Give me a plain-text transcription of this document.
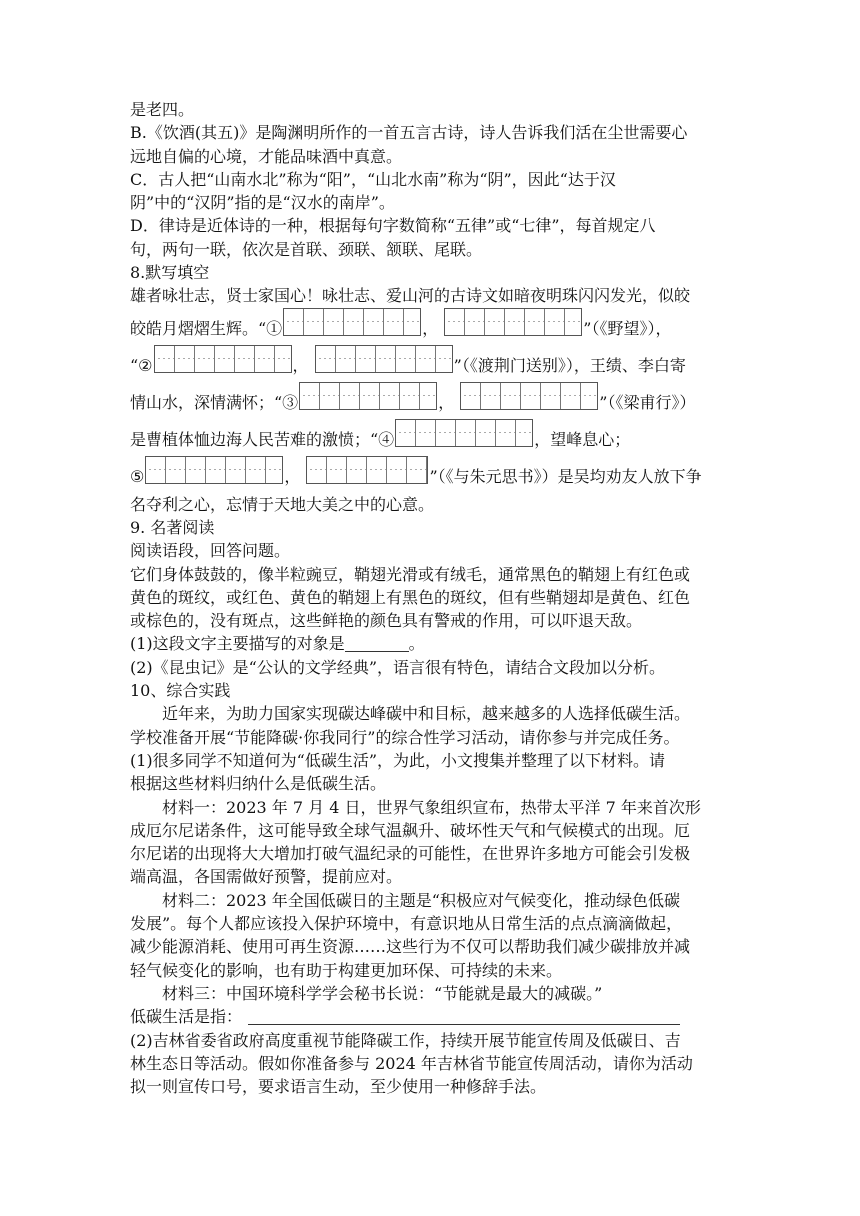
是老四。
B.《饮酒(其五)》是陶渊明所作的一首五言古诗，诗人告诉我们活在尘世需要心
远地自偏的心境，才能品味酒中真意。
C．古人把“山南水北”称为“阳”，“山北水南”称为“阴”，因此“达于汉
阴”中的“汉阴”指的是“汉水的南岸”。
D．律诗是近体诗的一种，根据每句字数简称“五律”或“七律”，每首规定八
句，两句一联，依次是首联、颈联、颔联、尾联。
8.默写填空
雄者咏壮志，贤士家国心！咏壮志、爱山河的古诗文如暗夜明珠闪闪发光，似皎
皎皓月熠熠生辉。“①	，	”（《野望》），
“②	，	”（《渡荆门送别》），王绩、李白寄
情山水，深情满怀；“③	，	”（《梁甫行》）
是曹植体恤边海人民苦难的激愤；“④	，望峰息心；
⑤	，	”（《与朱元思书》）是吴均劝友人放下争
名夺利之心，忘情于天地大美之中的心意。
9. 名著阅读
阅读语段，回答问题。
它们身体鼓鼓的，像半粒豌豆，鞘翅光滑或有绒毛，通常黑色的鞘翅上有红色或
黄色的斑纹，或红色、黄色的鞘翅上有黑色的斑纹，但有些鞘翅却是黄色、红色
或棕色的，没有斑点，这些鲜艳的颜色具有警戒的作用，可以吓退天敌。
(1)这段文字主要描写的对象是	。
(2)《昆虫记》是“公认的文学经典”，语言很有特色，请结合文段加以分析。
10、综合实践
近年来，为助力国家实现碳达峰碳中和目标，越来越多的人选择低碳生活。
学校准备开展“节能降碳·你我同行”的综合性学习活动，请你参与并完成任务。
(1)很多同学不知道何为“低碳生活”，为此，小文搜集并整理了以下材料。请
根据这些材料归纳什么是低碳生活。
材料一：2023 年 7 月 4 日，世界气象组织宣布，热带太平洋 7 年来首次形
成厄尔尼诺条件，这可能导致全球气温飙升、破坏性天气和气候模式的出现。厄
尔尼诺的出现将大大增加打破气温纪录的可能性，在世界许多地方可能会引发极
端高温，各国需做好预警，提前应对。
材料二：2023 年全国低碳日的主题是“积极应对气候变化，推动绿色低碳
发展”。每个人都应该投入保护环境中，有意识地从日常生活的点点滴滴做起，
减少能源消耗、使用可再生资源……这些行为不仅可以帮助我们减少碳排放并减
轻气候变化的影响，也有助于构建更加环保、可持续的未来。
材料三：中国环境科学学会秘书长说：“节能就是最大的减碳。”
低碳生活是指：
(2)吉林省委省政府高度重视节能降碳工作，持续开展节能宣传周及低碳日、吉
林生态日等活动。假如你准备参与 2024 年吉林省节能宣传周活动，请你为活动
拟一则宣传口号，要求语言生动，至少使用一种修辞手法。
